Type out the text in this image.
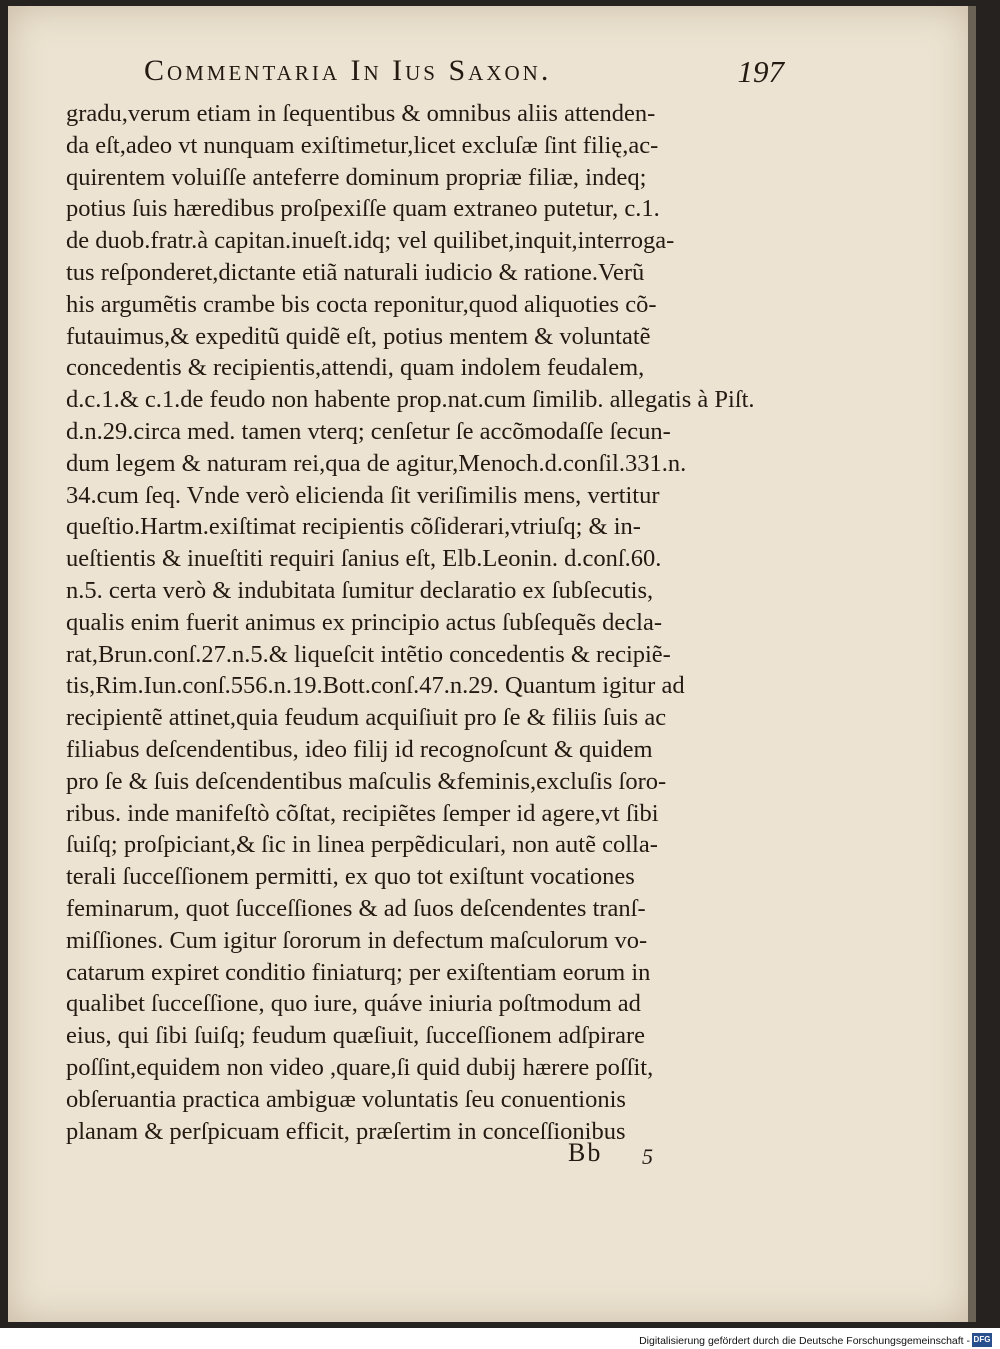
Commentaria In Ius Saxon.	197
gradu,verum etiam in ſequentibus & omnibus aliis attenden-
da eſt,adeo vt nunquam exiſtimetur,licet excluſæ ſint filię,ac-
quirentem voluiſſe anteferre dominum propriæ filiæ, indeq;
potius ſuis hæredibus proſpexiſſe quam extraneo putetur, c.1.
de duob.fratr.à capitan.inueſt.idq; vel quilibet,inquit,interroga-
tus reſponderet,dictante etiã naturali iudicio & ratione.Verũ
his argumẽtis crambe bis cocta reponitur,quod aliquoties cõ-
futauimus,& expeditũ quidẽ eſt, potius mentem & voluntatẽ
concedentis & recipientis,attendi, quam indolem feudalem,
d.c.1.& c.1.de feudo non habente prop.nat.cum ſimilib. allegatis à Piſt.
d.n.29.circa med. tamen vterq; cenſetur ſe accõmodaſſe ſecun-
dum legem & naturam rei,qua de agitur,Menoch.d.conſil.331.n.
34.cum ſeq. Vnde verò elicienda ſit veriſimilis mens, vertitur
queſtio.Hartm.exiſtimat recipientis cõſiderari,vtriuſq; & in-
ueſtientis & inueſtiti requiri ſanius eſt, Elb.Leonin. d.conſ.60.
n.5. certa verò & indubitata ſumitur declaratio ex ſubſecutis,
qualis enim fuerit animus ex principio actus ſubſequẽs decla-
rat,Brun.conſ.27.n.5.& liqueſcit intẽtio concedentis & recipiẽ-
tis,Rim.Iun.conſ.556.n.19.Bott.conſ.47.n.29. Quantum igitur ad
recipientẽ attinet,quia feudum acquiſiuit pro ſe & filiis ſuis ac
filiabus deſcendentibus, ideo filij id recognoſcunt & quidem
pro ſe & ſuis deſcendentibus maſculis &feminis,excluſis ſoro-
ribus. inde manifeſtò cõſtat, recipiẽtes ſemper id agere,vt ſibi
ſuiſq; proſpiciant,& ſic in linea perpẽdiculari, non autẽ colla-
terali ſucceſſionem permitti, ex quo tot exiſtunt vocationes
feminarum, quot ſucceſſiones & ad ſuos deſcendentes tranſ-
miſſiones. Cum igitur ſororum in defectum maſculorum vo-
catarum expiret conditio finiaturq; per exiſtentiam eorum in
qualibet ſucceſſione, quo iure, quáve iniuria poſtmodum ad
eius, qui ſibi ſuiſq; feudum quæſiuit, ſucceſſionem adſpirare
poſſint,equidem non video ,quare,ſi quid dubij hærere poſſit,
obſeruantia practica ambiguæ voluntatis ſeu conuentionis
planam & perſpicuam efficit, præſertim in conceſſionibus
Bb 5
Digitalisierung gefördert durch die Deutsche Forschungsgemeinschaft - DFG
